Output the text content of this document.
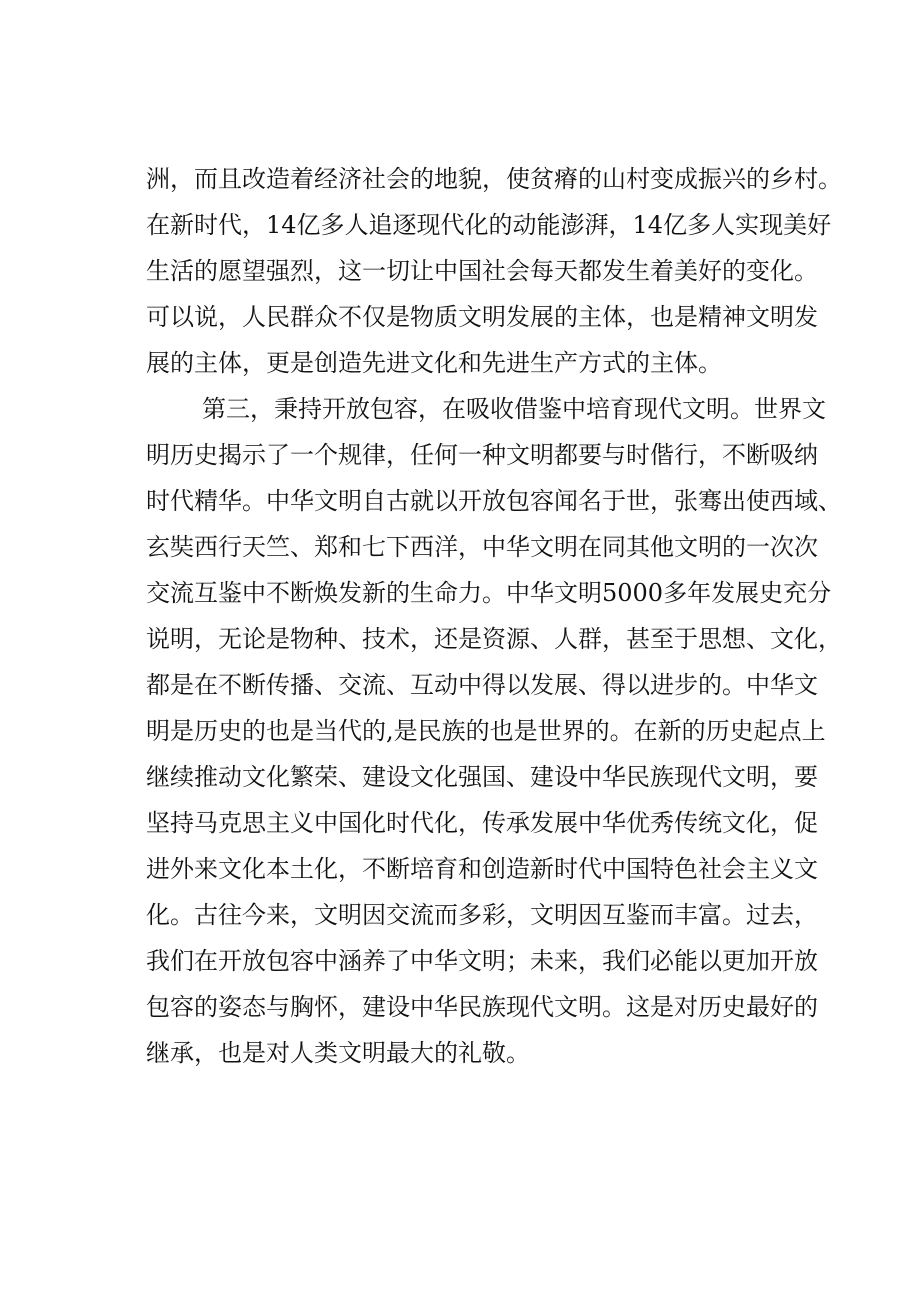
洲，而且改造着经济社会的地貌，使贫瘠的山村变成振兴的乡村。
在新时代，14亿多人追逐现代化的动能澎湃，14亿多人实现美好
生活的愿望强烈，这一切让中国社会每天都发生着美好的变化。
可以说，人民群众不仅是物质文明发展的主体，也是精神文明发
展的主体，更是创造先进文化和先进生产方式的主体。
第三，秉持开放包容，在吸收借鉴中培育现代文明。世界文
明历史揭示了一个规律，任何一种文明都要与时偕行，不断吸纳
时代精华。中华文明自古就以开放包容闻名于世，张骞出使西域、
玄奘西行天竺、郑和七下西洋，中华文明在同其他文明的一次次
交流互鉴中不断焕发新的生命力。中华文明5000多年发展史充分
说明，无论是物种、技术，还是资源、人群，甚至于思想、文化，
都是在不断传播、交流、互动中得以发展、得以进步的。中华文
明是历史的也是当代的,是民族的也是世界的。在新的历史起点上
继续推动文化繁荣、建设文化强国、建设中华民族现代文明，要
坚持马克思主义中国化时代化，传承发展中华优秀传统文化，促
进外来文化本土化，不断培育和创造新时代中国特色社会主义文
化。古往今来，文明因交流而多彩，文明因互鉴而丰富。过去，
我们在开放包容中涵养了中华文明；未来，我们必能以更加开放
包容的姿态与胸怀，建设中华民族现代文明。这是对历史最好的
继承，也是对人类文明最大的礼敬。
